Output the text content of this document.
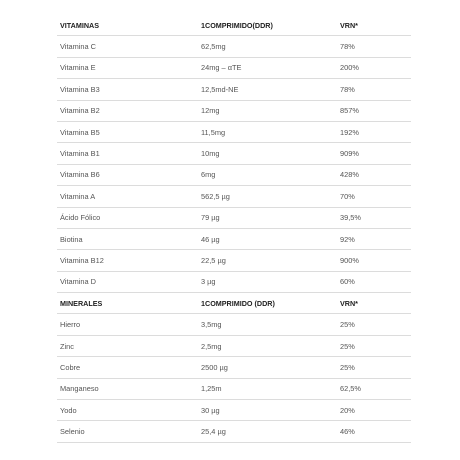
VITAMINAS	1COMPRIMIDO(DDR)	VRN*
Vitamina C	62,5mg	78%
Vitamina E	24mg – αTE	200%
Vitamina B3	12,5md-NE	78%
Vitamina B2	12mg	857%
Vitamina B5	11,5mg	192%
Vitamina B1	10mg	909%
Vitamina B6	6mg	428%
Vitamina A	562,5 µg	70%
Ácido Fólico	79 µg	39,5%
Biotina	46 µg	92%
Vitamina B12	22,5 µg	900%
Vitamina D	3 µg	60%
MINERALES	1COMPRIMIDO (DDR)	VRN*
Hierro	3,5mg	25%
Zinc	2,5mg	25%
Cobre	2500 µg	25%
Manganeso	1,25m	62,5%
Yodo	30 µg	20%
Selenio	25,4 µg	46%
